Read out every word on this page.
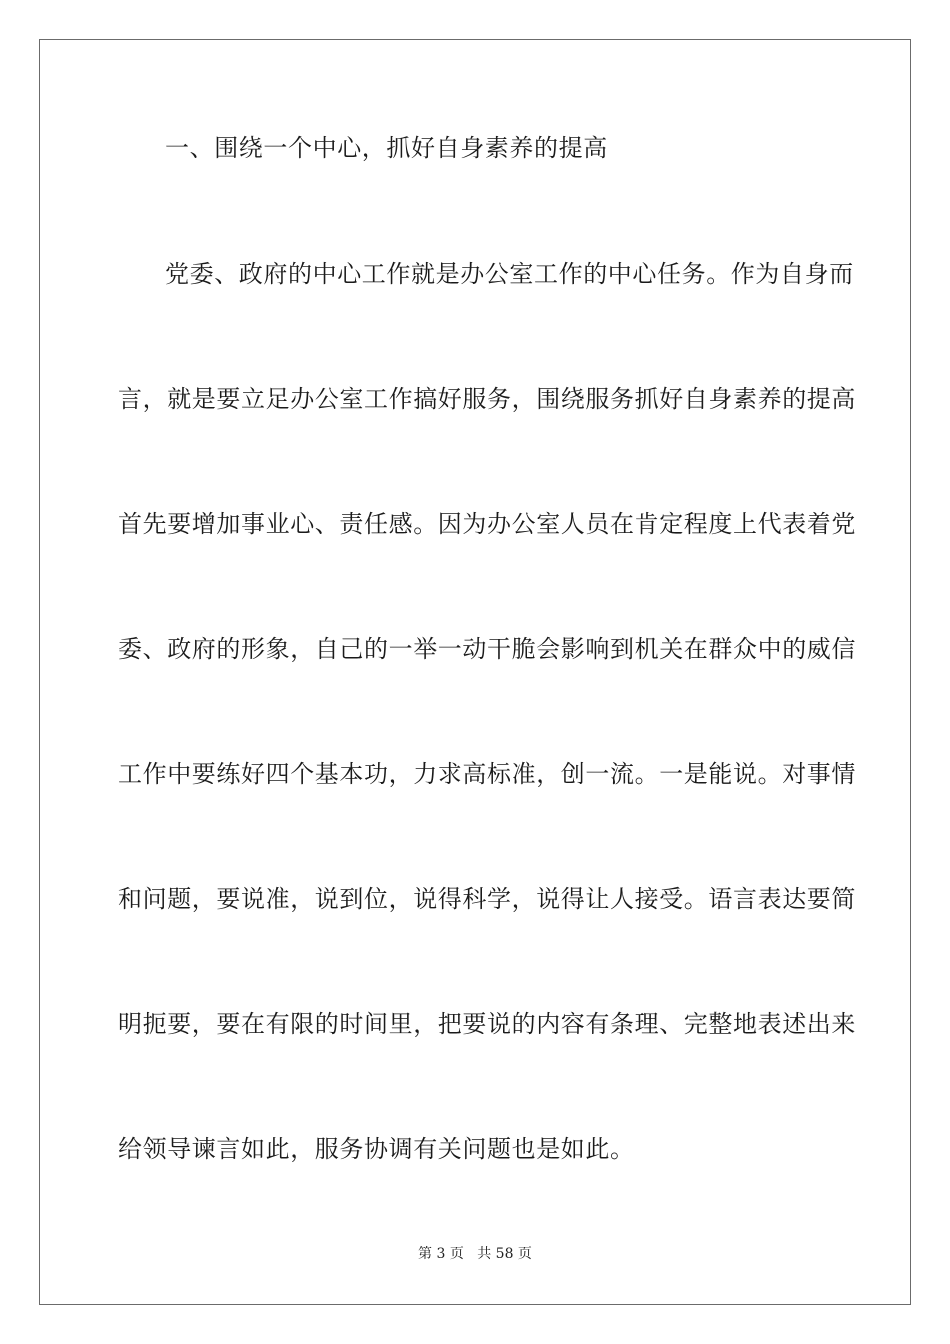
一、围绕一个中心，抓好自身素养的提高
党委、政府的中心工作就是办公室工作的中心任务。作为自身而
言，就是要立足办公室工作搞好服务，围绕服务抓好自身素养的提高
首先要增加事业心、责任感。因为办公室人员在肯定程度上代表着党
委、政府的形象，自己的一举一动干脆会影响到机关在群众中的威信
工作中要练好四个基本功，力求高标准，创一流。一是能说。对事情
和问题，要说准，说到位，说得科学，说得让人接受。语言表达要简
明扼要，要在有限的时间里，把要说的内容有条理、完整地表述出来
给领导谏言如此，服务协调有关问题也是如此。
第 3 页 共 58 页
